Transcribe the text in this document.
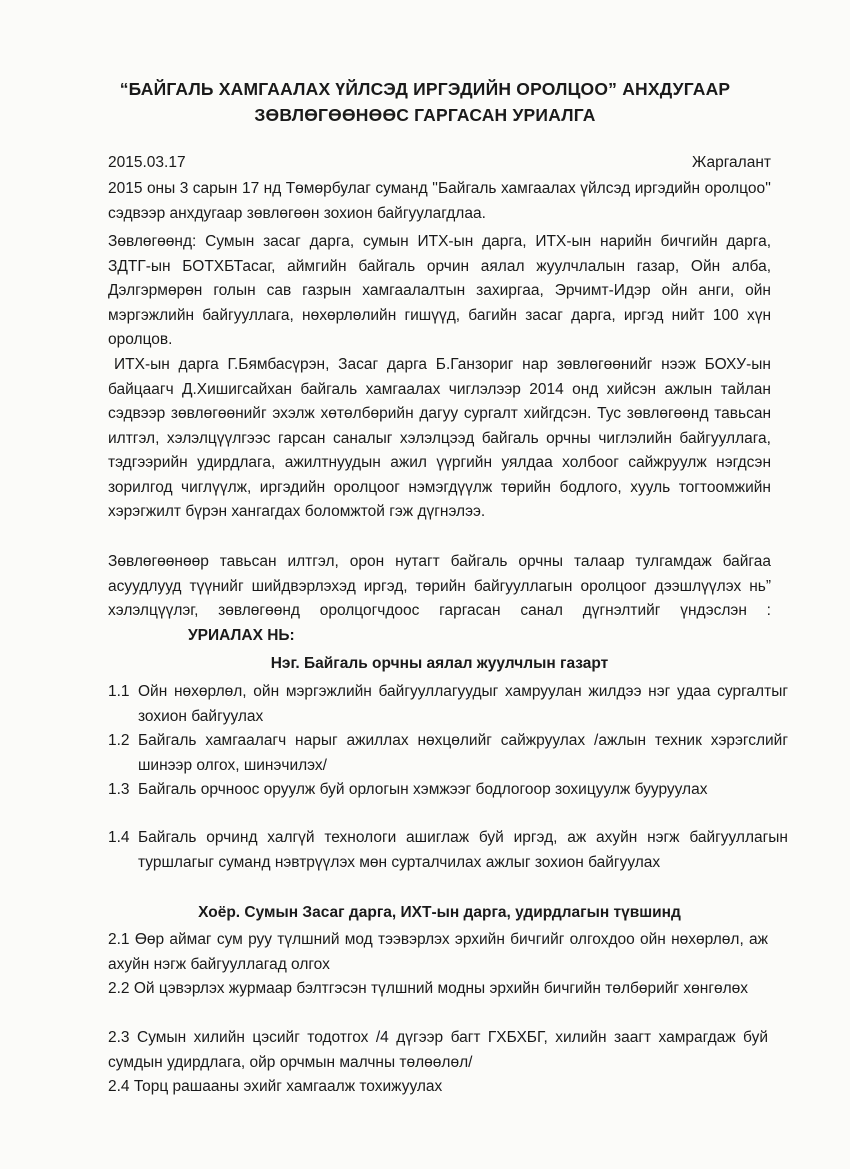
“БАЙГАЛЬ ХАМГААЛАХ ҮЙЛСЭД ИРГЭДИЙН ОРОЛЦОО” АНХДУГААР
ЗӨВЛӨГӨӨНӨӨС ГАРГАСАН УРИАЛГА
2015.03.17	Жаргалант
2015 оны 3 сарын 17 нд Төмөрбулаг суманд ''Байгаль хамгаалах үйлсэд иргэдийн оролцоо'' сэдвээр анхдугаар зөвлөгөөн зохион байгуулагдлаа.
Зөвлөгөөнд: Сумын засаг дарга, сумын ИТХ-ын дарга, ИТХ-ын нарийн бичгийн дарга, ЗДТГ-ын БОТХБТасаг, аймгийн байгаль орчин аялал жуулчлалын газар, Ойн алба, Дэлгэрмөрөн голын сав газрын хамгаалалтын захиргаа, Эрчимт-Идэр ойн анги, ойн мэргэжлийн байгууллага, нөхөрлөлийн гишүүд, багийн засаг дарга, иргэд нийт 100 хүн оролцов.
ИТХ-ын дарга Г.Бямбасүрэн, Засаг дарга Б.Ганзориг нар зөвлөгөөнийг нээж БОХУ-ын байцаагч Д.Хишигсайхан байгаль хамгаалах чиглэлээр 2014 онд хийсэн ажлын тайлан сэдвээр зөвлөгөөнийг эхэлж хөтөлбөрийн дагуу сургалт хийгдсэн. Тус зөвлөгөөнд тавьсан илтгэл, хэлэлцүүлгээс гарсан саналыг хэлэлцээд байгаль орчны чиглэлийн байгууллага, тэдгээрийн удирдлага, ажилтнуудын ажил үүргийн уялдаа холбоог сайжруулж нэгдсэн зорилгод чиглүүлж, иргэдийн оролцоог нэмэгдүүлж төрийн бодлого, хууль тогтоомжийн хэрэгжилт бүрэн хангагдах боломжтой гэж дүгнэлээ.
Зөвлөгөөнөөр тавьсан илтгэл, орон нутагт байгаль орчны талаар тулгамдаж байгаа асуудлууд түүнийг шийдвэрлэхэд иргэд, төрийн байгууллагын оролцоог дээшлүүлэх нь” хэлэлцүүлэг, зөвлөгөөнд оролцогчдоос гаргасан санал дүгнэлтийг үндэслэн : УРИАЛАХ НЬ:
Нэг. Байгаль орчны аялал жуулчлын газарт
1.1 Ойн нөхөрлөл, ойн мэргэжлийн байгууллагуудыг хамруулан жилдээ нэг удаа сургалтыг зохион байгуулах
1.2 Байгаль хамгаалагч нарыг ажиллах нөхцөлийг сайжруулах /ажлын техник хэрэгслийг шинээр олгох, шинэчилэх/
1.3 Байгаль орчноос оруулж буй орлогын хэмжээг бодлогоор зохицуулж бууруулах
1.4 Байгаль орчинд халгүй технологи ашиглаж буй иргэд, аж ахуйн нэгж байгууллагын туршлагыг суманд нэвтрүүлэх мөн сурталчилах ажлыг зохион байгуулах
Хоёр. Сумын Засаг дарга, ИХТ-ын дарга, удирдлагын түвшинд
2.1 Өөр аймаг сум руу түлшний мод тээвэрлэх эрхийн бичгийг олгохдоо ойн нөхөрлөл, аж ахуйн нэгж байгууллагад олгох
2.2 Ой цэвэрлэх журмаар бэлтгэсэн түлшний модны эрхийн бичгийн төлбөрийг хөнгөлөх
2.3 Сумын хилийн цэсийг тодотгох /4 дүгээр багт ГХБХБГ, хилийн заагт хамрагдаж буй сумдын удирдлага, ойр орчмын малчны төлөөлөл/
2.4 Торц рашааны эхийг хамгаалж тохижуулах
